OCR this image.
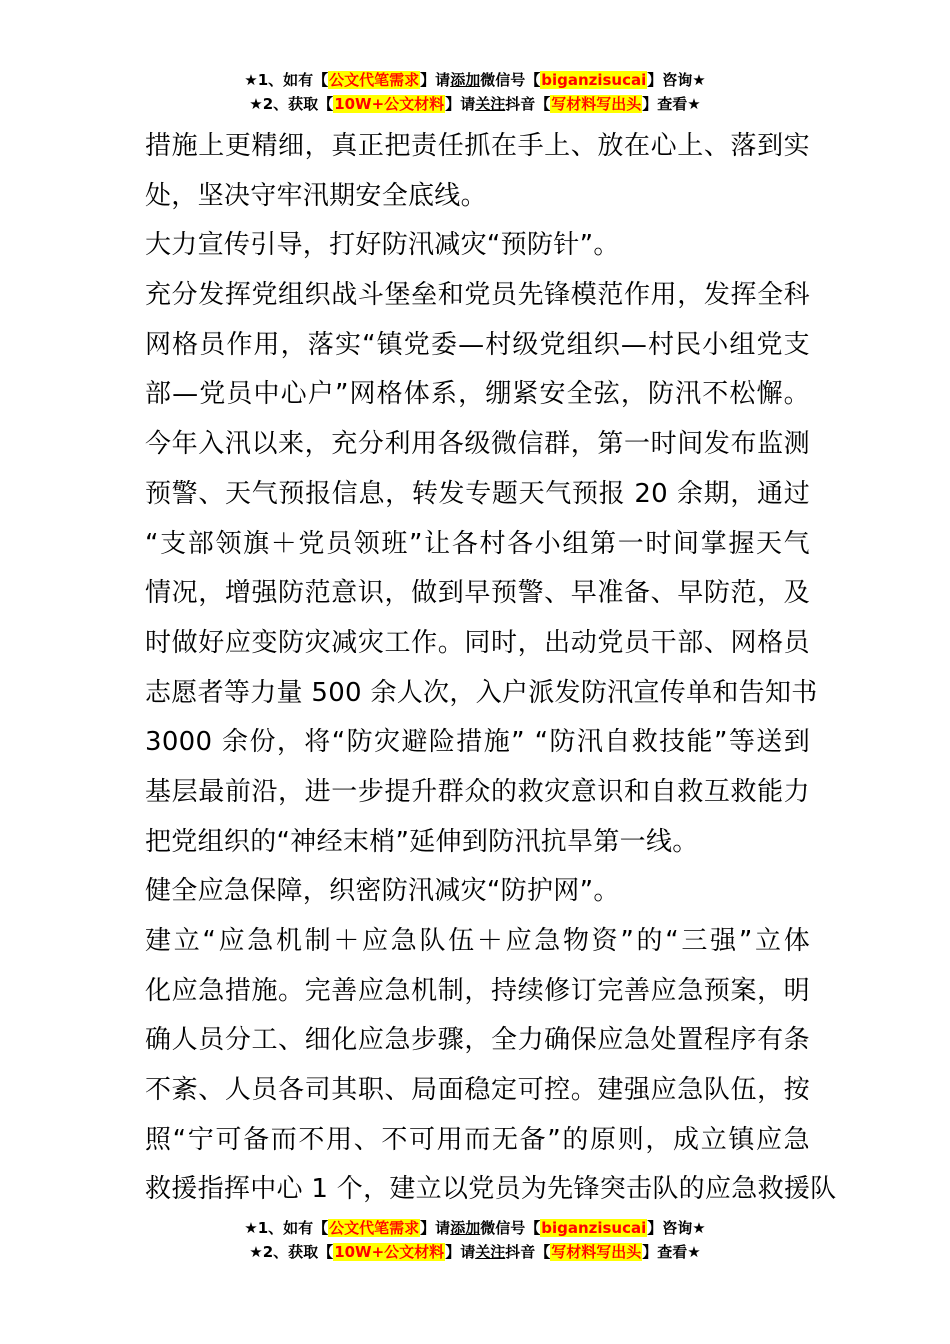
★1、如有【公文代笔需求】请添加微信号【biganzisucai】咨询★
★2、获取【10W+公文材料】请关注抖音【写材料写出头】查看★
措施上更精细，真正把责任抓在手上、放在心上、落到实
处，坚决守牢汛期安全底线。
大力宣传引导，打好防汛减灾“预防针”。
充分发挥党组织战斗堡垒和党员先锋模范作用，发挥全科
网格员作用，落实“镇党委—村级党组织—村民小组党支
部—党员中心户”网格体系，绷紧安全弦，防汛不松懈。
今年入汛以来，充分利用各级微信群，第一时间发布监测
预警、天气预报信息，转发专题天气预报 20 余期，通过
“支部领旗＋党员领班”让各村各小组第一时间掌握天气
情况，增强防范意识，做到早预警、早准备、早防范，及
时做好应变防灾减灾工作。同时，出动党员干部、网格员
志愿者等力量 500 余人次，入户派发防汛宣传单和告知书
3000 余份，将“防灾避险措施” “防汛自救技能”等送到
基层最前沿，进一步提升群众的救灾意识和自救互救能力
把党组织的“神经末梢”延伸到防汛抗旱第一线。
健全应急保障，织密防汛减灾“防护网”。
建立“应急机制＋应急队伍＋应急物资”的“三强”立体
化应急措施。完善应急机制，持续修订完善应急预案，明
确人员分工、细化应急步骤，全力确保应急处置程序有条
不紊、人员各司其职、局面稳定可控。建强应急队伍，按
照“宁可备而不用、不可用而无备”的原则，成立镇应急
救援指挥中心 1 个，建立以党员为先锋突击队的应急救援队
★1、如有【公文代笔需求】请添加微信号【biganzisucai】咨询★
★2、获取【10W+公文材料】请关注抖音【写材料写出头】查看★
